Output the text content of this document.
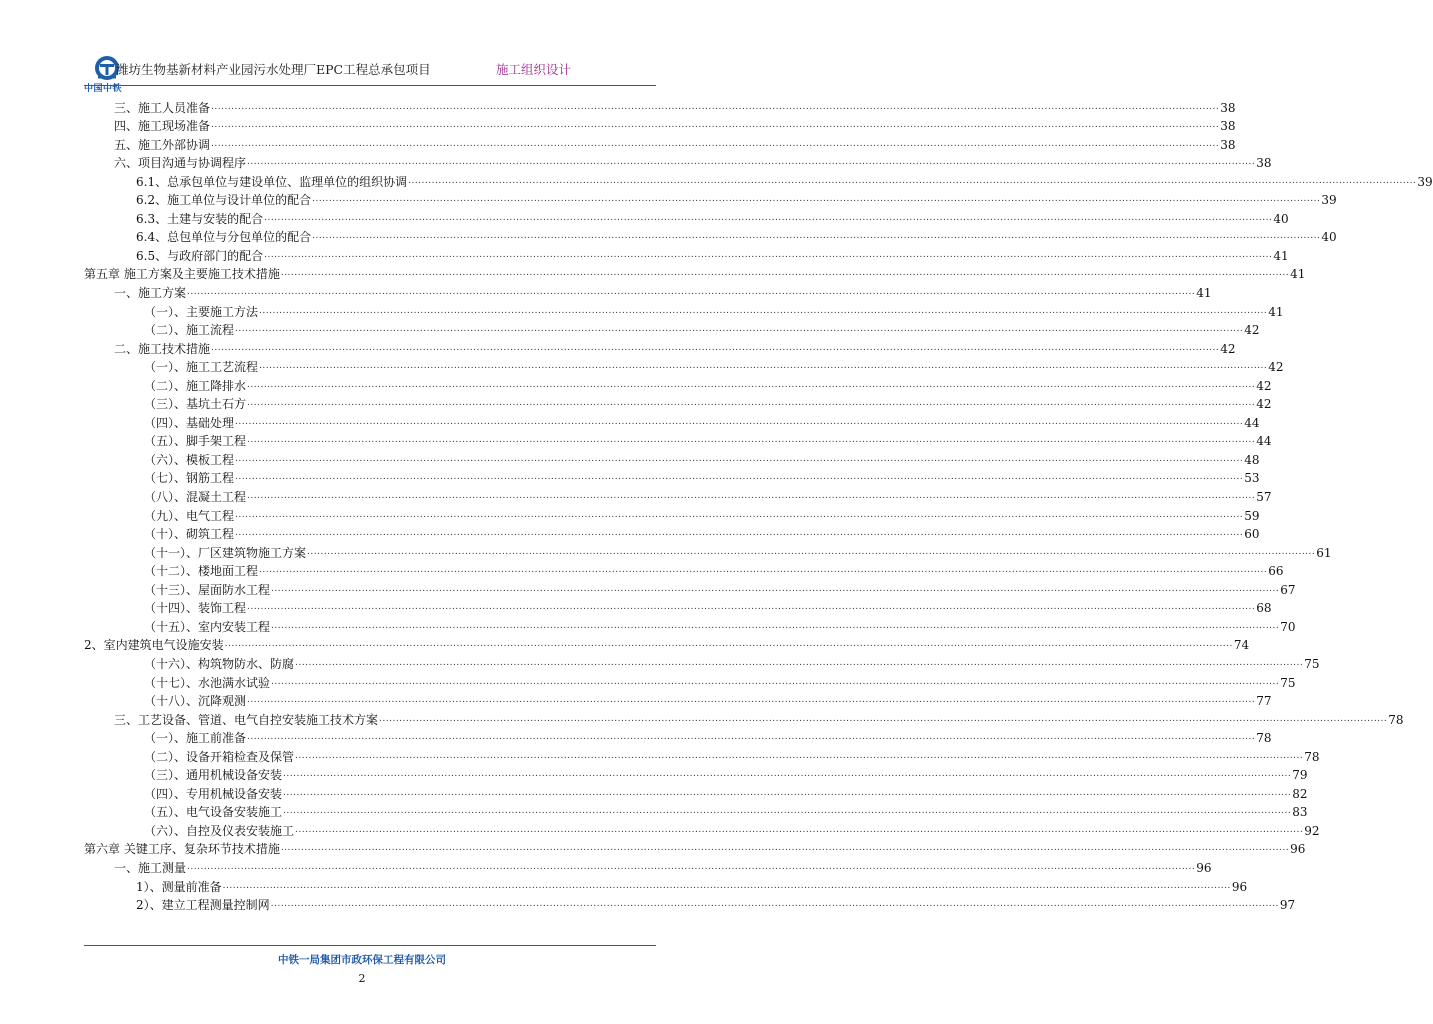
中国中铁
潍坊生物基新材料产业园污水处理厂EPC工程总承包项目	施工组织设计
三、施工人员准备 ............................................................................................................................................................................................................................................................................................................ 38
四、施工现场准备 ............................................................................................................................................................................................................................................................................................................ 38
五、施工外部协调 ............................................................................................................................................................................................................................................................................................................ 38
六、项目沟通与协调程序 ............................................................................................................................................................................................................................................................................................................ 38
6.1、总承包单位与建设单位、监理单位的组织协调 ............................................................................................................................................................................................................................................................................................................ 39
6.2、施工单位与设计单位的配合 ............................................................................................................................................................................................................................................................................................................ 39
6.3、土建与安装的配合 ............................................................................................................................................................................................................................................................................................................ 40
6.4、总包单位与分包单位的配合 ............................................................................................................................................................................................................................................................................................................ 40
6.5、与政府部门的配合 ............................................................................................................................................................................................................................................................................................................ 41
第五章 施工方案及主要施工技术措施 ............................................................................................................................................................................................................................................................................................................ 41
一、施工方案 ............................................................................................................................................................................................................................................................................................................ 41
（一）、主要施工方法 ............................................................................................................................................................................................................................................................................................................ 41
（二）、施工流程 ............................................................................................................................................................................................................................................................................................................ 42
二、施工技术措施 ............................................................................................................................................................................................................................................................................................................ 42
（一）、施工工艺流程 ............................................................................................................................................................................................................................................................................................................ 42
（二）、施工降排水 ............................................................................................................................................................................................................................................................................................................ 42
（三）、基坑土石方 ............................................................................................................................................................................................................................................................................................................ 42
（四）、基础处理 ............................................................................................................................................................................................................................................................................................................ 44
（五）、脚手架工程 ............................................................................................................................................................................................................................................................................................................ 44
（六）、模板工程 ............................................................................................................................................................................................................................................................................................................ 48
（七）、钢筋工程 ............................................................................................................................................................................................................................................................................................................ 53
（八）、混凝土工程 ............................................................................................................................................................................................................................................................................................................ 57
（九）、电气工程 ............................................................................................................................................................................................................................................................................................................ 59
（十）、砌筑工程 ............................................................................................................................................................................................................................................................................................................ 60
（十一）、厂区建筑物施工方案 ............................................................................................................................................................................................................................................................................................................ 61
（十二）、楼地面工程 ............................................................................................................................................................................................................................................................................................................ 66
（十三）、屋面防水工程 ............................................................................................................................................................................................................................................................................................................ 67
（十四）、装饰工程 ............................................................................................................................................................................................................................................................................................................ 68
（十五）、室内安装工程 ............................................................................................................................................................................................................................................................................................................ 70
2、室内建筑电气设施安装 ............................................................................................................................................................................................................................................................................................................ 74
（十六）、构筑物防水、防腐 ............................................................................................................................................................................................................................................................................................................ 75
（十七）、水池满水试验 ............................................................................................................................................................................................................................................................................................................ 75
（十八）、沉降观测 ............................................................................................................................................................................................................................................................................................................ 77
三、工艺设备、管道、电气自控安装施工技术方案 ............................................................................................................................................................................................................................................................................................................ 78
（一）、施工前准备 ............................................................................................................................................................................................................................................................................................................ 78
（二）、设备开箱检查及保管 ............................................................................................................................................................................................................................................................................................................ 78
（三）、通用机械设备安装 ............................................................................................................................................................................................................................................................................................................ 79
（四）、专用机械设备安装 ............................................................................................................................................................................................................................................................................................................ 82
（五）、电气设备安装施工 ............................................................................................................................................................................................................................................................................................................ 83
（六）、自控及仪表安装施工 ............................................................................................................................................................................................................................................................................................................ 92
第六章 关键工序、复杂环节技术措施 ............................................................................................................................................................................................................................................................................................................ 96
一、施工测量 ............................................................................................................................................................................................................................................................................................................ 96
1）、测量前准备 ............................................................................................................................................................................................................................................................................................................ 96
2）、建立工程测量控制网 ............................................................................................................................................................................................................................................................................................................ 97
中铁一局集团市政环保工程有限公司
2
